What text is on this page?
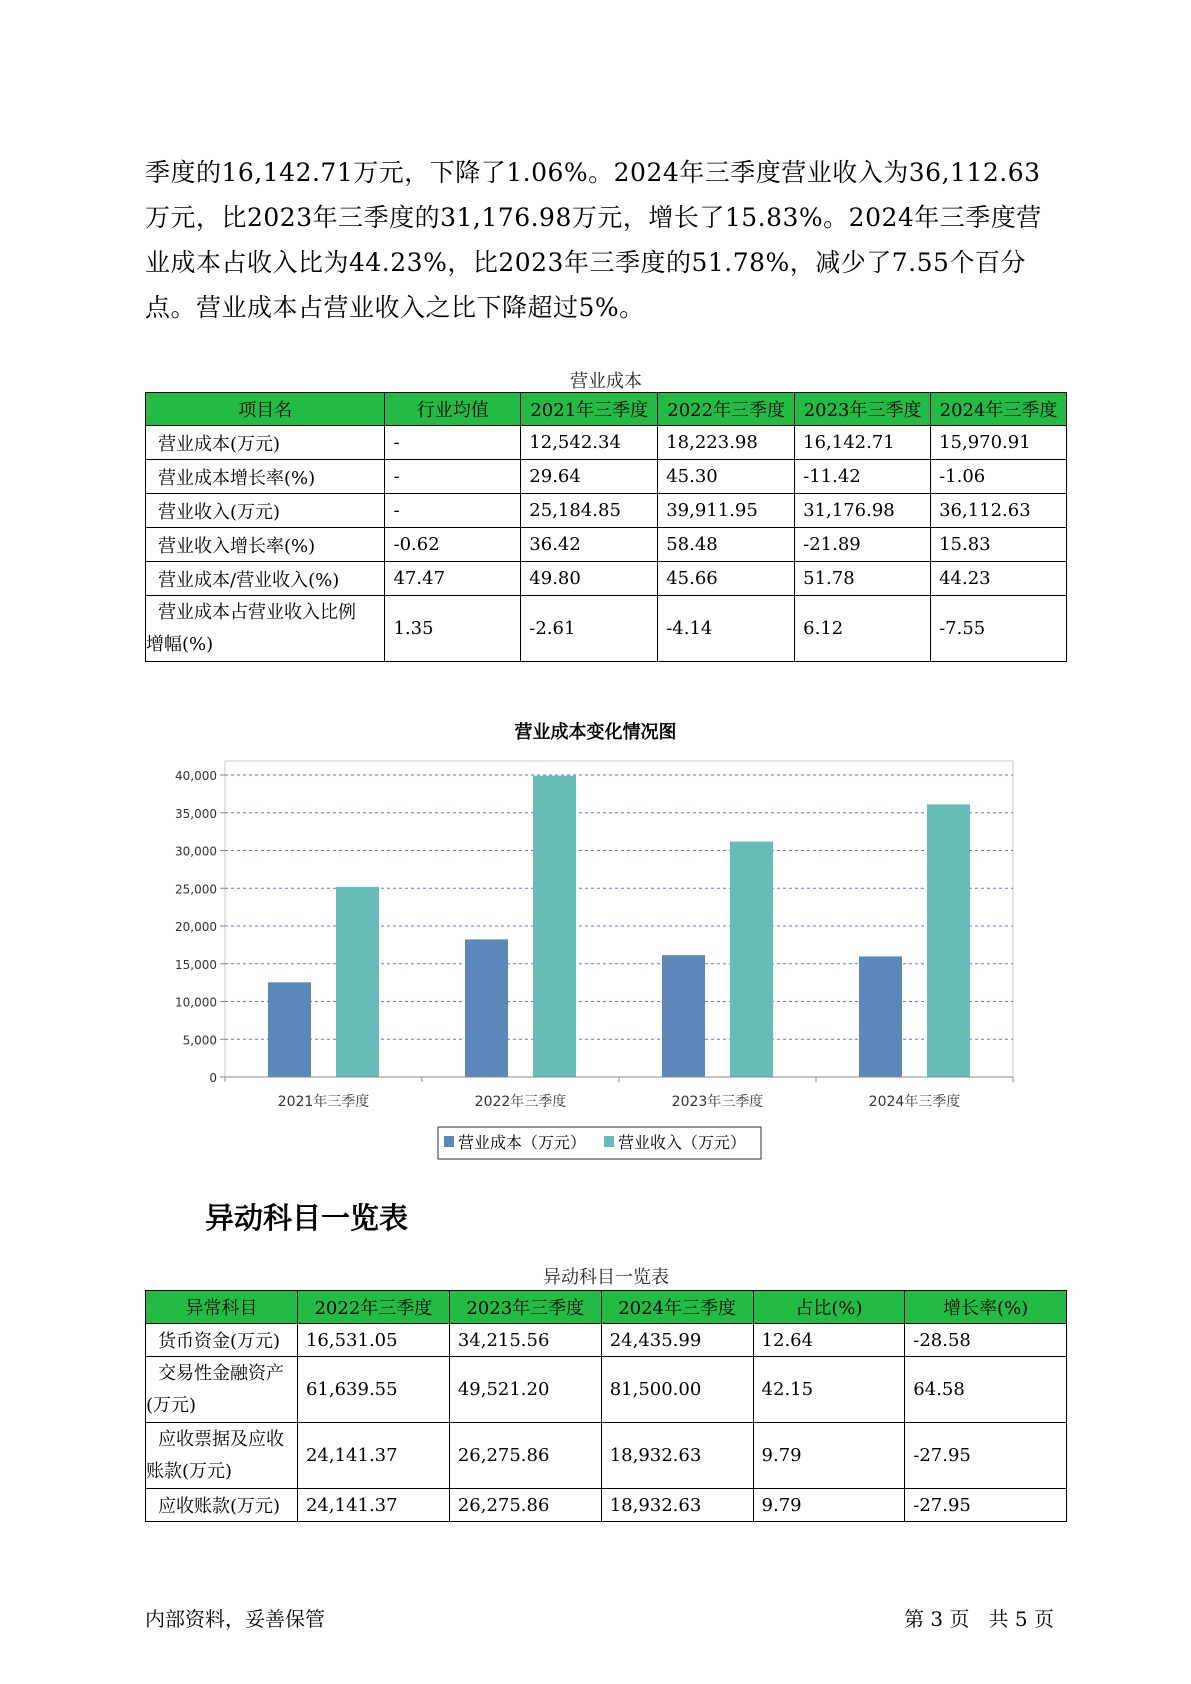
季度的16,142.71万元，下降了1.06%。2024年三季度营业收入为36,112.63
万元，比2023年三季度的31,176.98万元，增长了15.83%。2024年三季度营
业成本占收入比为44.23%，比2023年三季度的51.78%，减少了7.55个百分
点。营业成本占营业收入之比下降超过5%。
营业成本
项目名	行业均值	2021年三季度	2022年三季度	2023年三季度	2024年三季度
营业成本(万元)	-	12,542.34	18,223.98	16,142.71	15,970.91
营业成本增长率(%)	-	29.64	45.30	-11.42	-1.06
营业收入(万元)	-	25,184.85	39,911.95	31,176.98	36,112.63
营业收入增长率(%)	-0.62	36.42	58.48	-21.89	15.83
营业成本/营业收入(%)	47.47	49.80	45.66	51.78	44.23

营业成本占营业收入比例
增幅(%)	1.35	-2.61	-4.14	6.12	-7.55
营业成本变化情况图
0
5,000
10,000
15,000
20,000
25,000
30,000
35,000
40,000
2021年三季度	2022年三季度	2023年三季度	2024年三季度
营业成本（万元） 营业收入（万元）
异动科目一览表
异动科目一览表
异常科目	2022年三季度	2023年三季度	2024年三季度	占比(%)	增长率(%)
货币资金(万元)	16,531.05	34,215.56	24,435.99	12.64	-28.58

交易性金融资产
(万元)	61,639.55	49,521.20	81,500.00	42.15	64.58

应收票据及应收
账款(万元)	24,141.37	26,275.86	18,932.63	9.79	-27.95
应收账款(万元)	24,141.37	26,275.86	18,932.63	9.79	-27.95
内部资料，妥善保管	第 3 页   共 5 页
